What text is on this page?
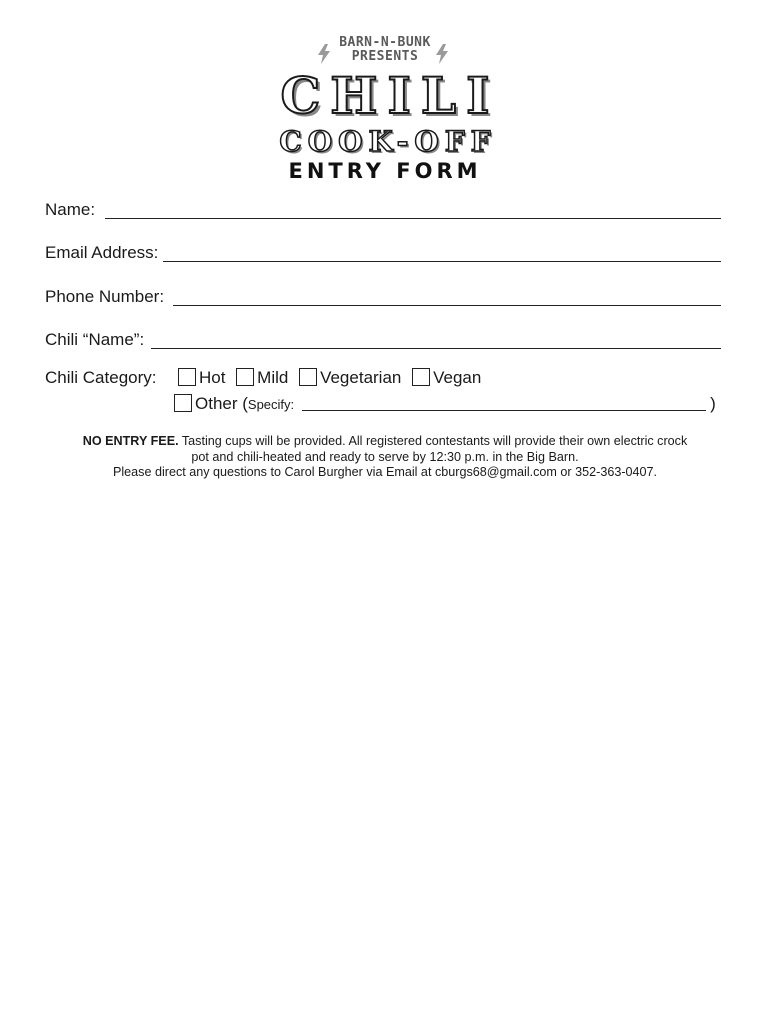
BARN-N-BUNK
PRESENTS
CHILI
COOK-OFF
ENTRY FORM
Name:
Email Address:
Phone Number:
Chili “Name”:
Chili Category: Hot Mild Vegetarian Vegan
Other (Specify:	)
NO ENTRY FEE. Tasting cups will be provided. All registered contestants will provide their own electric crock
pot and chili-heated and ready to serve by 12:30 p.m. in the Big Barn.
Please direct any questions to Carol Burgher via Email at cburgs68@gmail.com or 352-363-0407.
